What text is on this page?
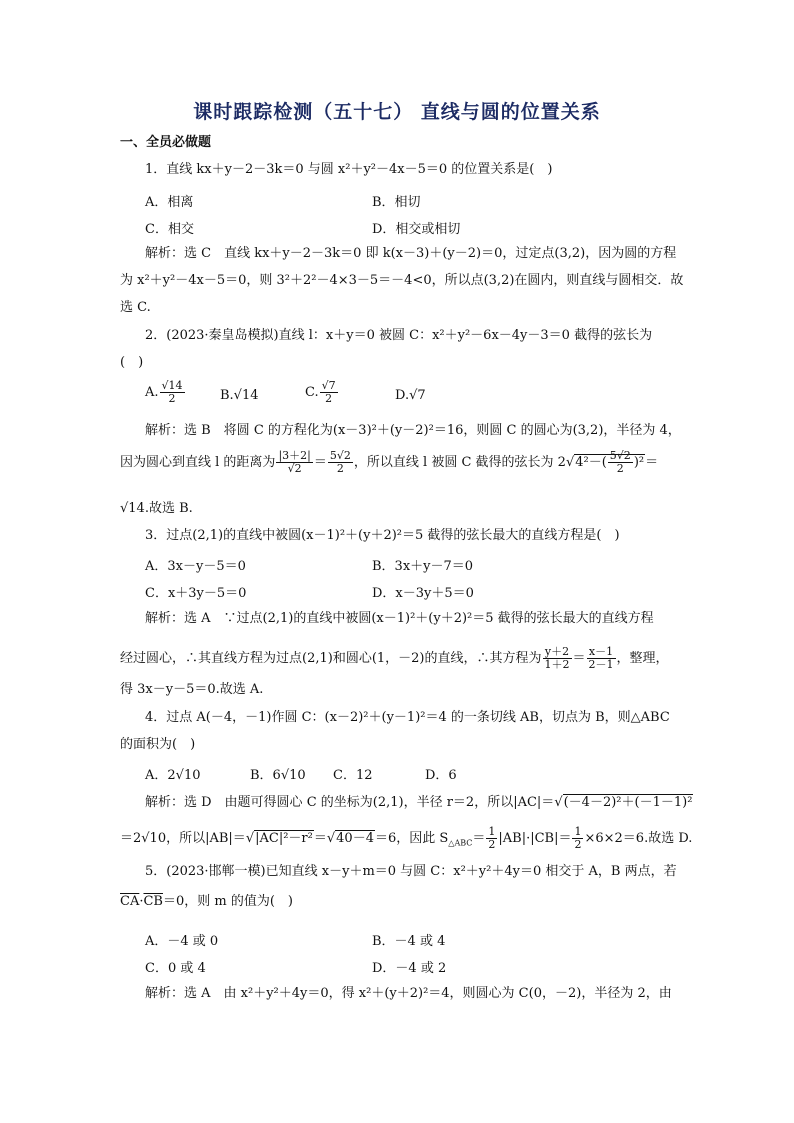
课时跟踪检测（五十七） 直线与圆的位置关系
一、全员必做题
1．直线 kx＋y－2－3k＝0 与圆 x²＋y²－4x－5＝0 的位置关系是(　)
A．相离	B．相切
C．相交	D．相交或相切
解析：选 C　直线 kx＋y－2－3k＝0 即 k(x－3)＋(y－2)＝0，过定点(3,2)，因为圆的方程
为 x²＋y²－4x－5＝0，则 3²＋2²－4×3－5＝－4<0，所以点(3,2)在圆内，则直线与圆相交．故
选 C.
2．(2023·秦皇岛模拟)直线 l：x＋y＝0 被圆 C：x²＋y²－6x－4y－3＝0 截得的弦长为
(　)
A. $\frac{√14}{2}$	B.√14	C. $\frac{√7}{2}$	D.√7
解析：选 B　将圆 C 的方程化为(x－3)²＋(y－2)²＝16，则圆 C 的圆心为(3,2)，半径为 4，
因为圆心到直线 l 的距离为 $\frac{|3+2|}{√2} = \frac{5√2}{2}$ ，所以直线 l 被圆 C 截得的弦长为 $2√4^2-( \frac{5√2}{2} )^2=$
√14.故选 B.
3．过点(2,1)的直线中被圆(x－1)²＋(y＋2)²＝5 截得的弦长最大的直线方程是(　)
A．3x－y－5＝0	B．3x＋y－7＝0
C．x＋3y－5＝0	D．x－3y＋5＝0
解析：选 A　∵过点(2,1)的直线中被圆(x－1)²＋(y＋2)²＝5 截得的弦长最大的直线方程
经过圆心，∴其直线方程为过点(2,1)和圆心(1，－2)的直线，∴其方程为 $\frac{y+2}{1+2} = \frac{x-1}{2-1}$ ，整理，
得 3x－y－5＝0.故选 A.
4．过点 A(－4，－1)作圆 C：(x－2)²＋(y－1)²＝4 的一条切线 AB，切点为 B，则△ABC
的面积为(　)
A．2√10	B．6√10 C．12	D．6
解析：选 D　由题可得圆心 C 的坐标为(2,1)，半径 r＝2，所以|AC|＝√(－4－2)²＋(－1－1)²
＝2√10，所以|AB|＝√|AC|²－r²＝√40－4＝6，因此 $S_{\triangle ABC}= \frac{1}{2} |AB|\cdot|CB|= \frac{1}{2} \times 6\times 2=6$.故选 D.
5．(2023·邯郸一模)已知直线 x－y＋m＝0 与圆 C：x²＋y²＋4y＝0 相交于 A，B 两点，若
$\overline{CA}\cdot\overline{CB}=0$，则 m 的值为(　)
A．－4 或 0	B．－4 或 4
C．0 或 4	D．－4 或 2
解析：选 A　由 x²＋y²＋4y＝0，得 x²＋(y＋2)²＝4，则圆心为 C(0，－2)，半径为 2，由
